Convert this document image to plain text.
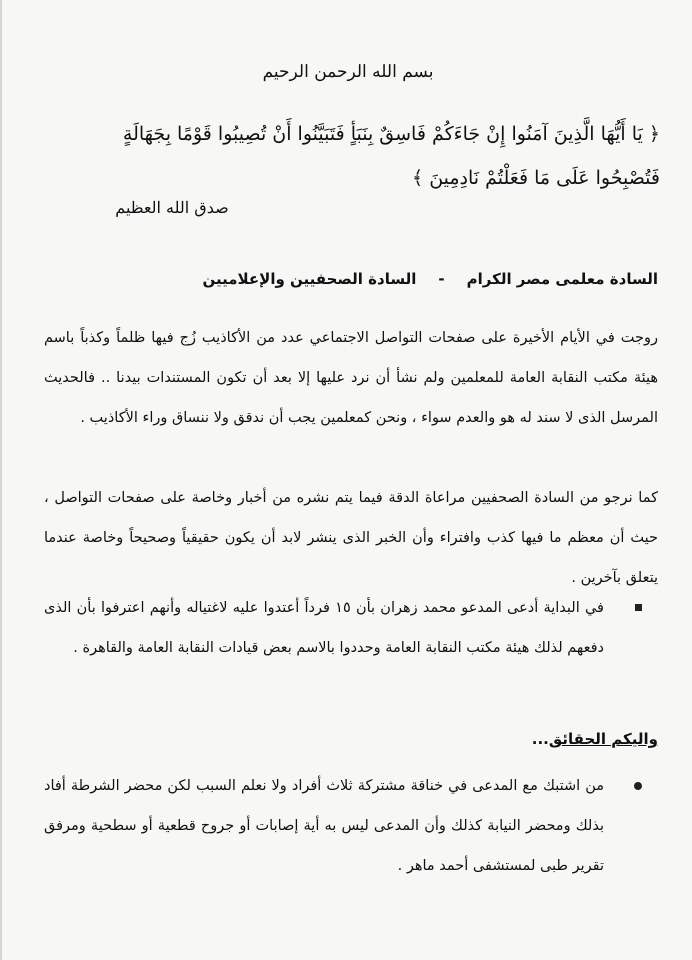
بسم الله الرحمن الرحيم
﴿ يَا أَيُّهَا الَّذِينَ آمَنُوا إِنْ جَاءَكُمْ فَاسِقٌ بِنَبَأٍ فَتَبَيَّنُوا أَنْ تُصِيبُوا قَوْمًا بِجَهَالَةٍ
فَتُصْبِحُوا عَلَى مَا فَعَلْتُمْ نَادِمِينَ ﴾
صدق الله العظيم
السادة معلمى مصر الكرام-السادة الصحفيين والإعلاميين
روجت في الأيام الأخيرة على صفحات التواصل الاجتماعي عدد من الأكاذيب زُج فيها ظلماً وكذباً باسم هيئة مكتب النقابة العامة للمعلمين ولم نشأ أن نرد عليها إلا بعد أن تكون المستندات بيدنا .. فالحديث المرسل الذى لا سند له هو والعدم سواء ، ونحن كمعلمين يجب أن ندقق ولا ننساق وراء الأكاذيب .
كما نرجو من السادة الصحفيين مراعاة الدقة فيما يتم نشره من أخبار وخاصة على صفحات التواصل ، حيث أن معظم ما فيها كذب وافتراء وأن الخبر الذى ينشر لابد أن يكون حقيقياً وصحيحاً وخاصة عندما يتعلق بآخرين .
في البداية أدعى المدعو محمد زهران بأن ١٥ فرداً أعتدوا عليه لاغتياله وأنهم اعترفوا بأن الذى دفعهم لذلك هيئة مكتب النقابة العامة وحددوا بالاسم بعض قيادات النقابة العامة والقاهرة .
واليكم الحقائق...
من اشتبك مع المدعى في خناقة مشتركة ثلاث أفراد ولا نعلم السبب لكن محضر الشرطة أفاد بذلك ومحضر النيابة كذلك وأن المدعى ليس به أية إصابات أو جروح قطعية أو سطحية ومرفق تقرير طبى لمستشفى أحمد ماهر .
